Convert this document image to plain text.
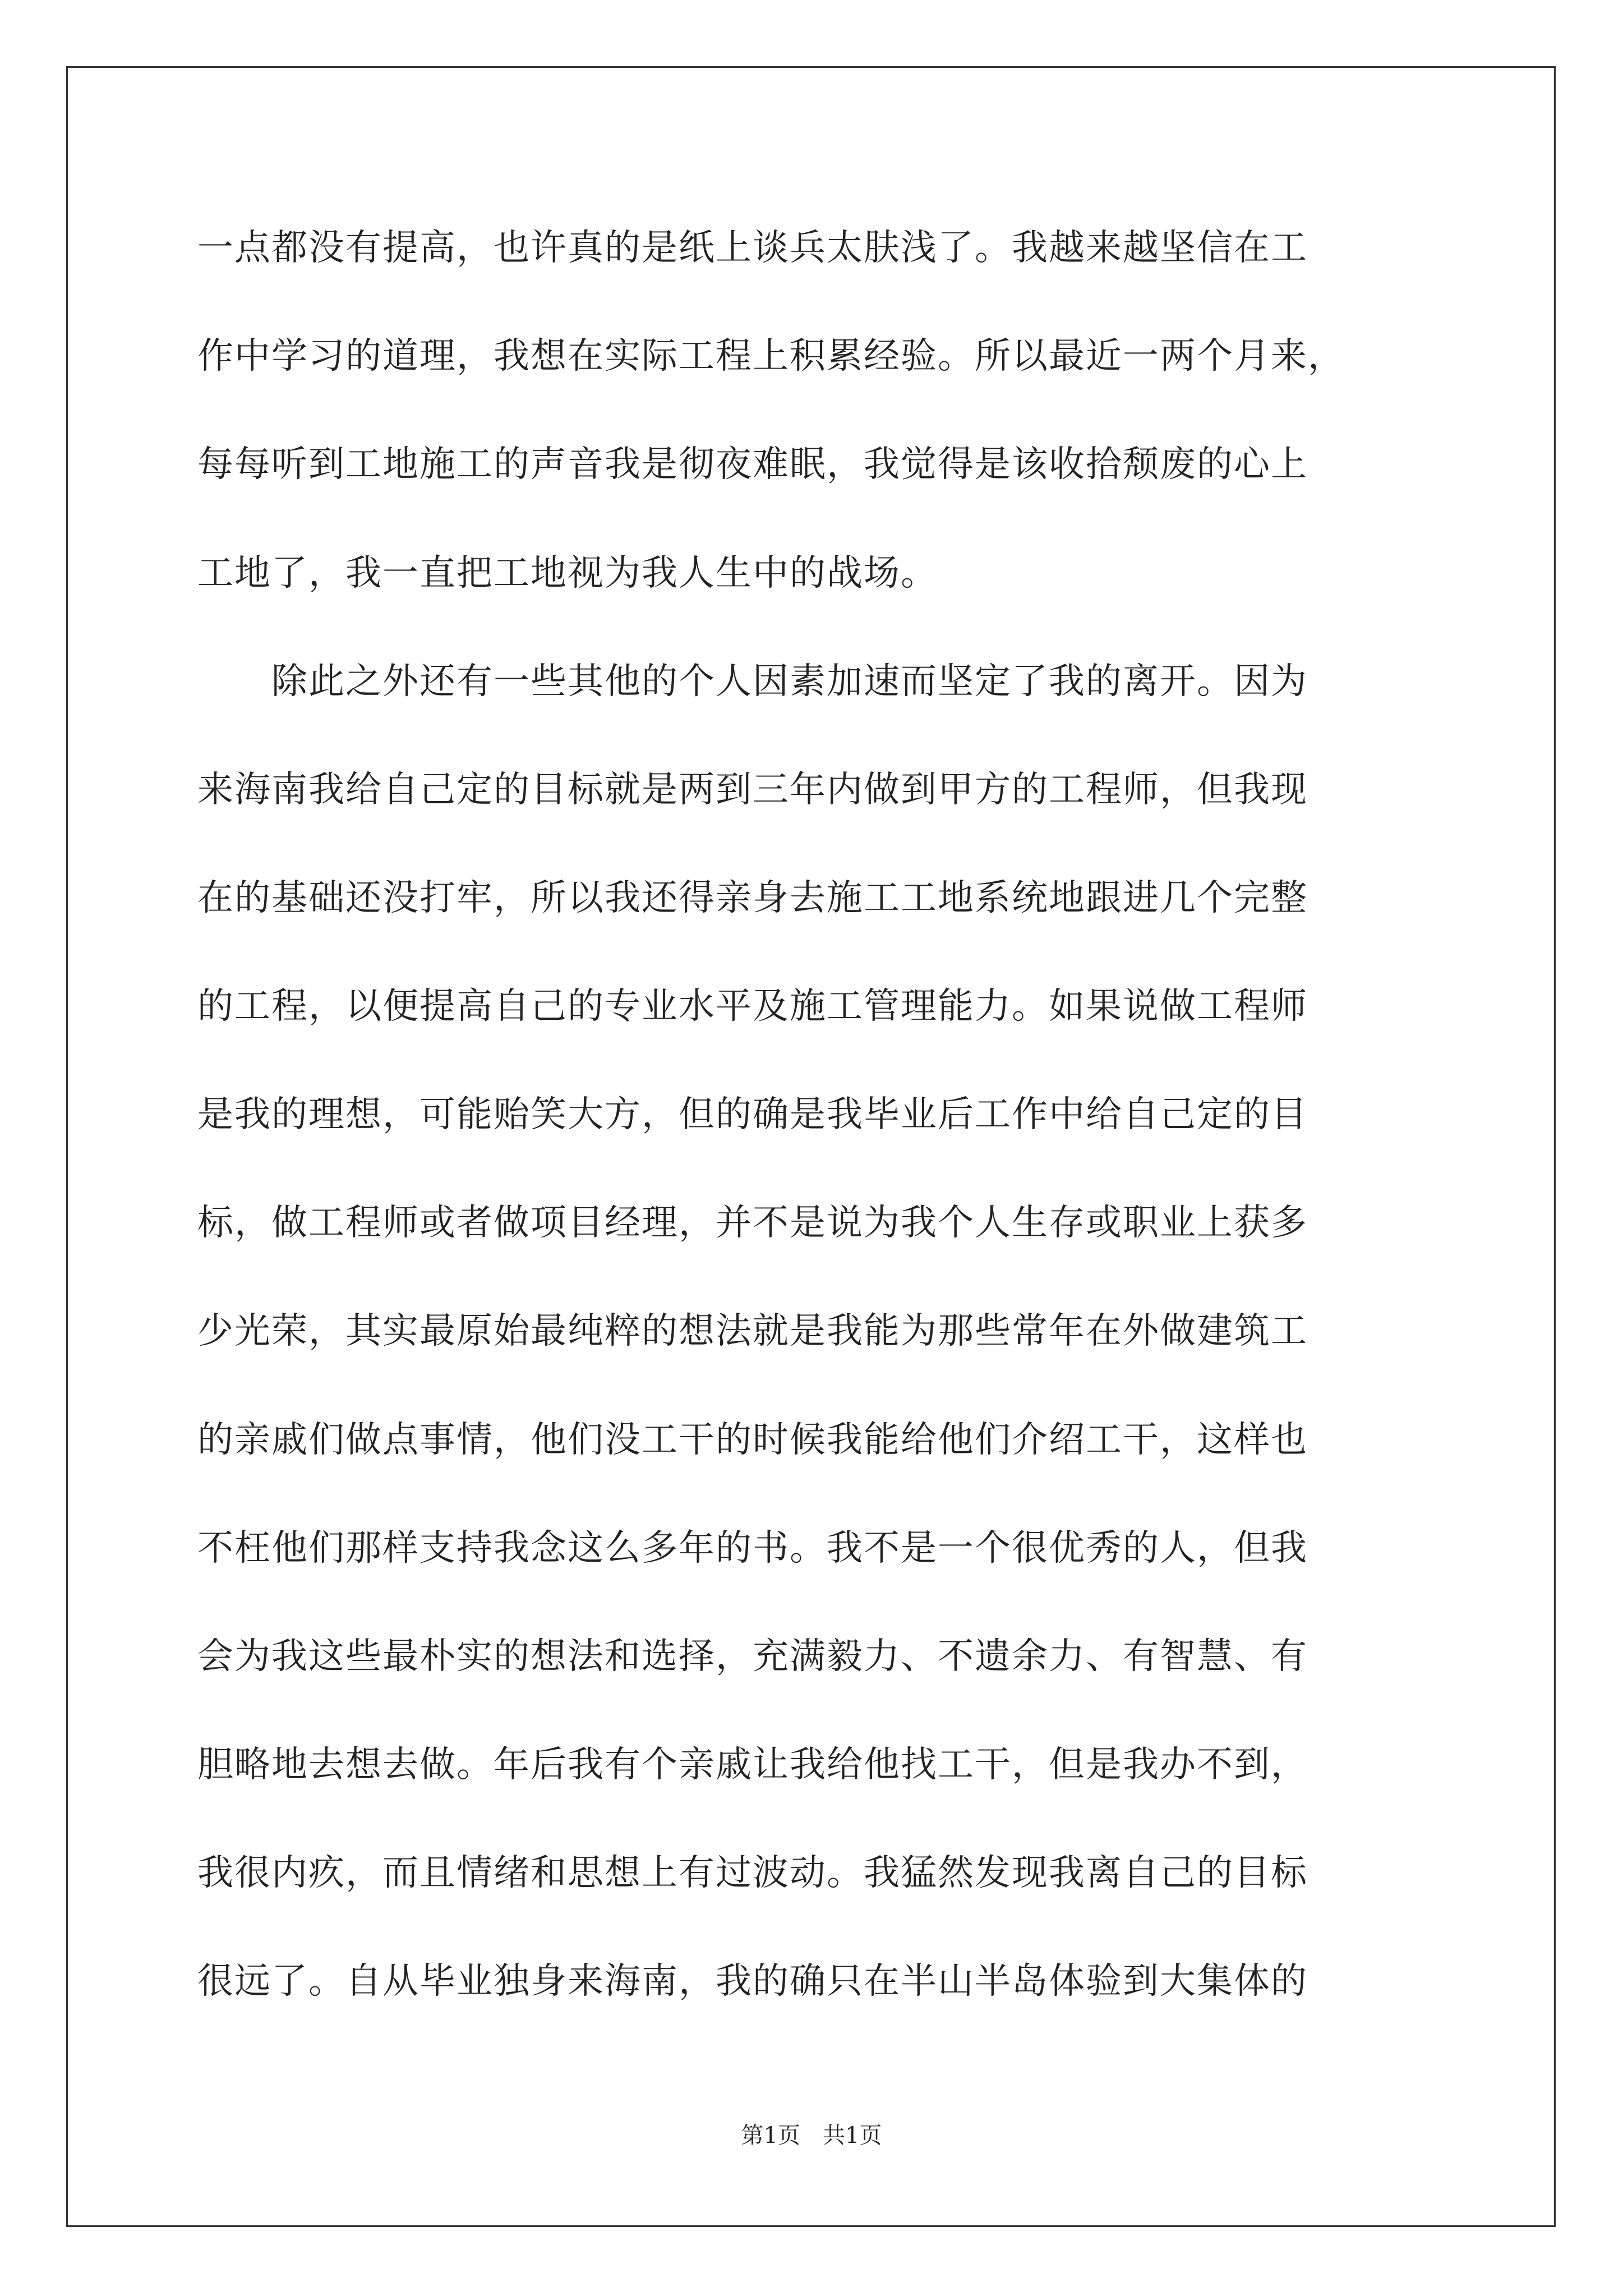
一点都没有提高，也许真的是纸上谈兵太肤浅了。我越来越坚信在工
作中学习的道理，我想在实际工程上积累经验。所以最近一两个月来，
每每听到工地施工的声音我是彻夜难眠，我觉得是该收拾颓废的心上
工地了，我一直把工地视为我人生中的战场。
　　除此之外还有一些其他的个人因素加速而坚定了我的离开。因为
来海南我给自己定的目标就是两到三年内做到甲方的工程师，但我现
在的基础还没打牢，所以我还得亲身去施工工地系统地跟进几个完整
的工程，以便提高自己的专业水平及施工管理能力。如果说做工程师
是我的理想，可能贻笑大方，但的确是我毕业后工作中给自己定的目
标，做工程师或者做项目经理，并不是说为我个人生存或职业上获多
少光荣，其实最原始最纯粹的想法就是我能为那些常年在外做建筑工
的亲戚们做点事情，他们没工干的时候我能给他们介绍工干，这样也
不枉他们那样支持我念这么多年的书。我不是一个很优秀的人，但我
会为我这些最朴实的想法和选择，充满毅力、不遗余力、有智慧、有
胆略地去想去做。年后我有个亲戚让我给他找工干，但是我办不到，
我很内疚，而且情绪和思想上有过波动。我猛然发现我离自己的目标
很远了。自从毕业独身来海南，我的确只在半山半岛体验到大集体的
第1页　共1页
